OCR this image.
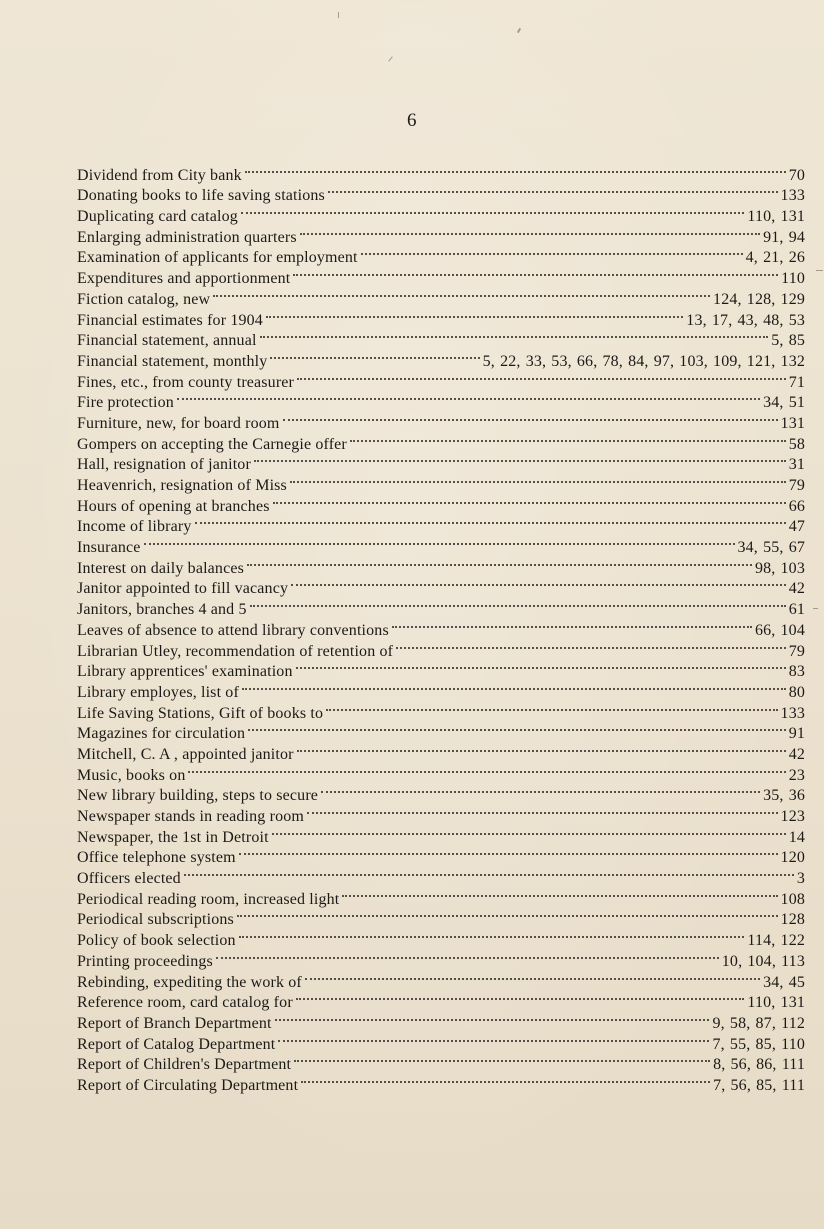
6
Dividend from City bank	70
Donating books to life saving stations	133
Duplicating card catalog	110, 131
Enlarging administration quarters	91, 94
Examination of applicants for employment	4, 21, 26
Expenditures and apportionment	110
Fiction catalog, new	124, 128, 129
Financial estimates for 1904	13, 17, 43, 48, 53
Financial statement, annual	5, 85
Financial statement, monthly	5, 22, 33, 53, 66, 78, 84, 97, 103, 109, 121, 132
Fines, etc., from county treasurer	71
Fire protection	34, 51
Furniture, new, for board room	131
Gompers on accepting the Carnegie offer	58
Hall, resignation of janitor	31
Heavenrich, resignation of Miss	79
Hours of opening at branches	66
Income of library	47
Insurance	34, 55, 67
Interest on daily balances	98, 103
Janitor appointed to fill vacancy	42
Janitors, branches 4 and 5	61
Leaves of absence to attend library conventions	66, 104
Librarian Utley, recommendation of retention of	79
Library apprentices' examination	83
Library employes, list of	80
Life Saving Stations, Gift of books to	133
Magazines for circulation	91
Mitchell, C. A , appointed janitor	42
Music, books on	23
New library building, steps to secure	35, 36
Newspaper stands in reading room	123
Newspaper, the 1st in Detroit	14
Office telephone system	120
Officers elected	3
Periodical reading room, increased light	108
Periodical subscriptions	128
Policy of book selection	114, 122
Printing proceedings	10, 104, 113
Rebinding, expediting the work of	34, 45
Reference room, card catalog for	110, 131
Report of Branch Department	9, 58, 87, 112
Report of Catalog Department	7, 55, 85, 110
Report of Children's Department	8, 56, 86, 111
Report of Circulating Department	7, 56, 85, 111
